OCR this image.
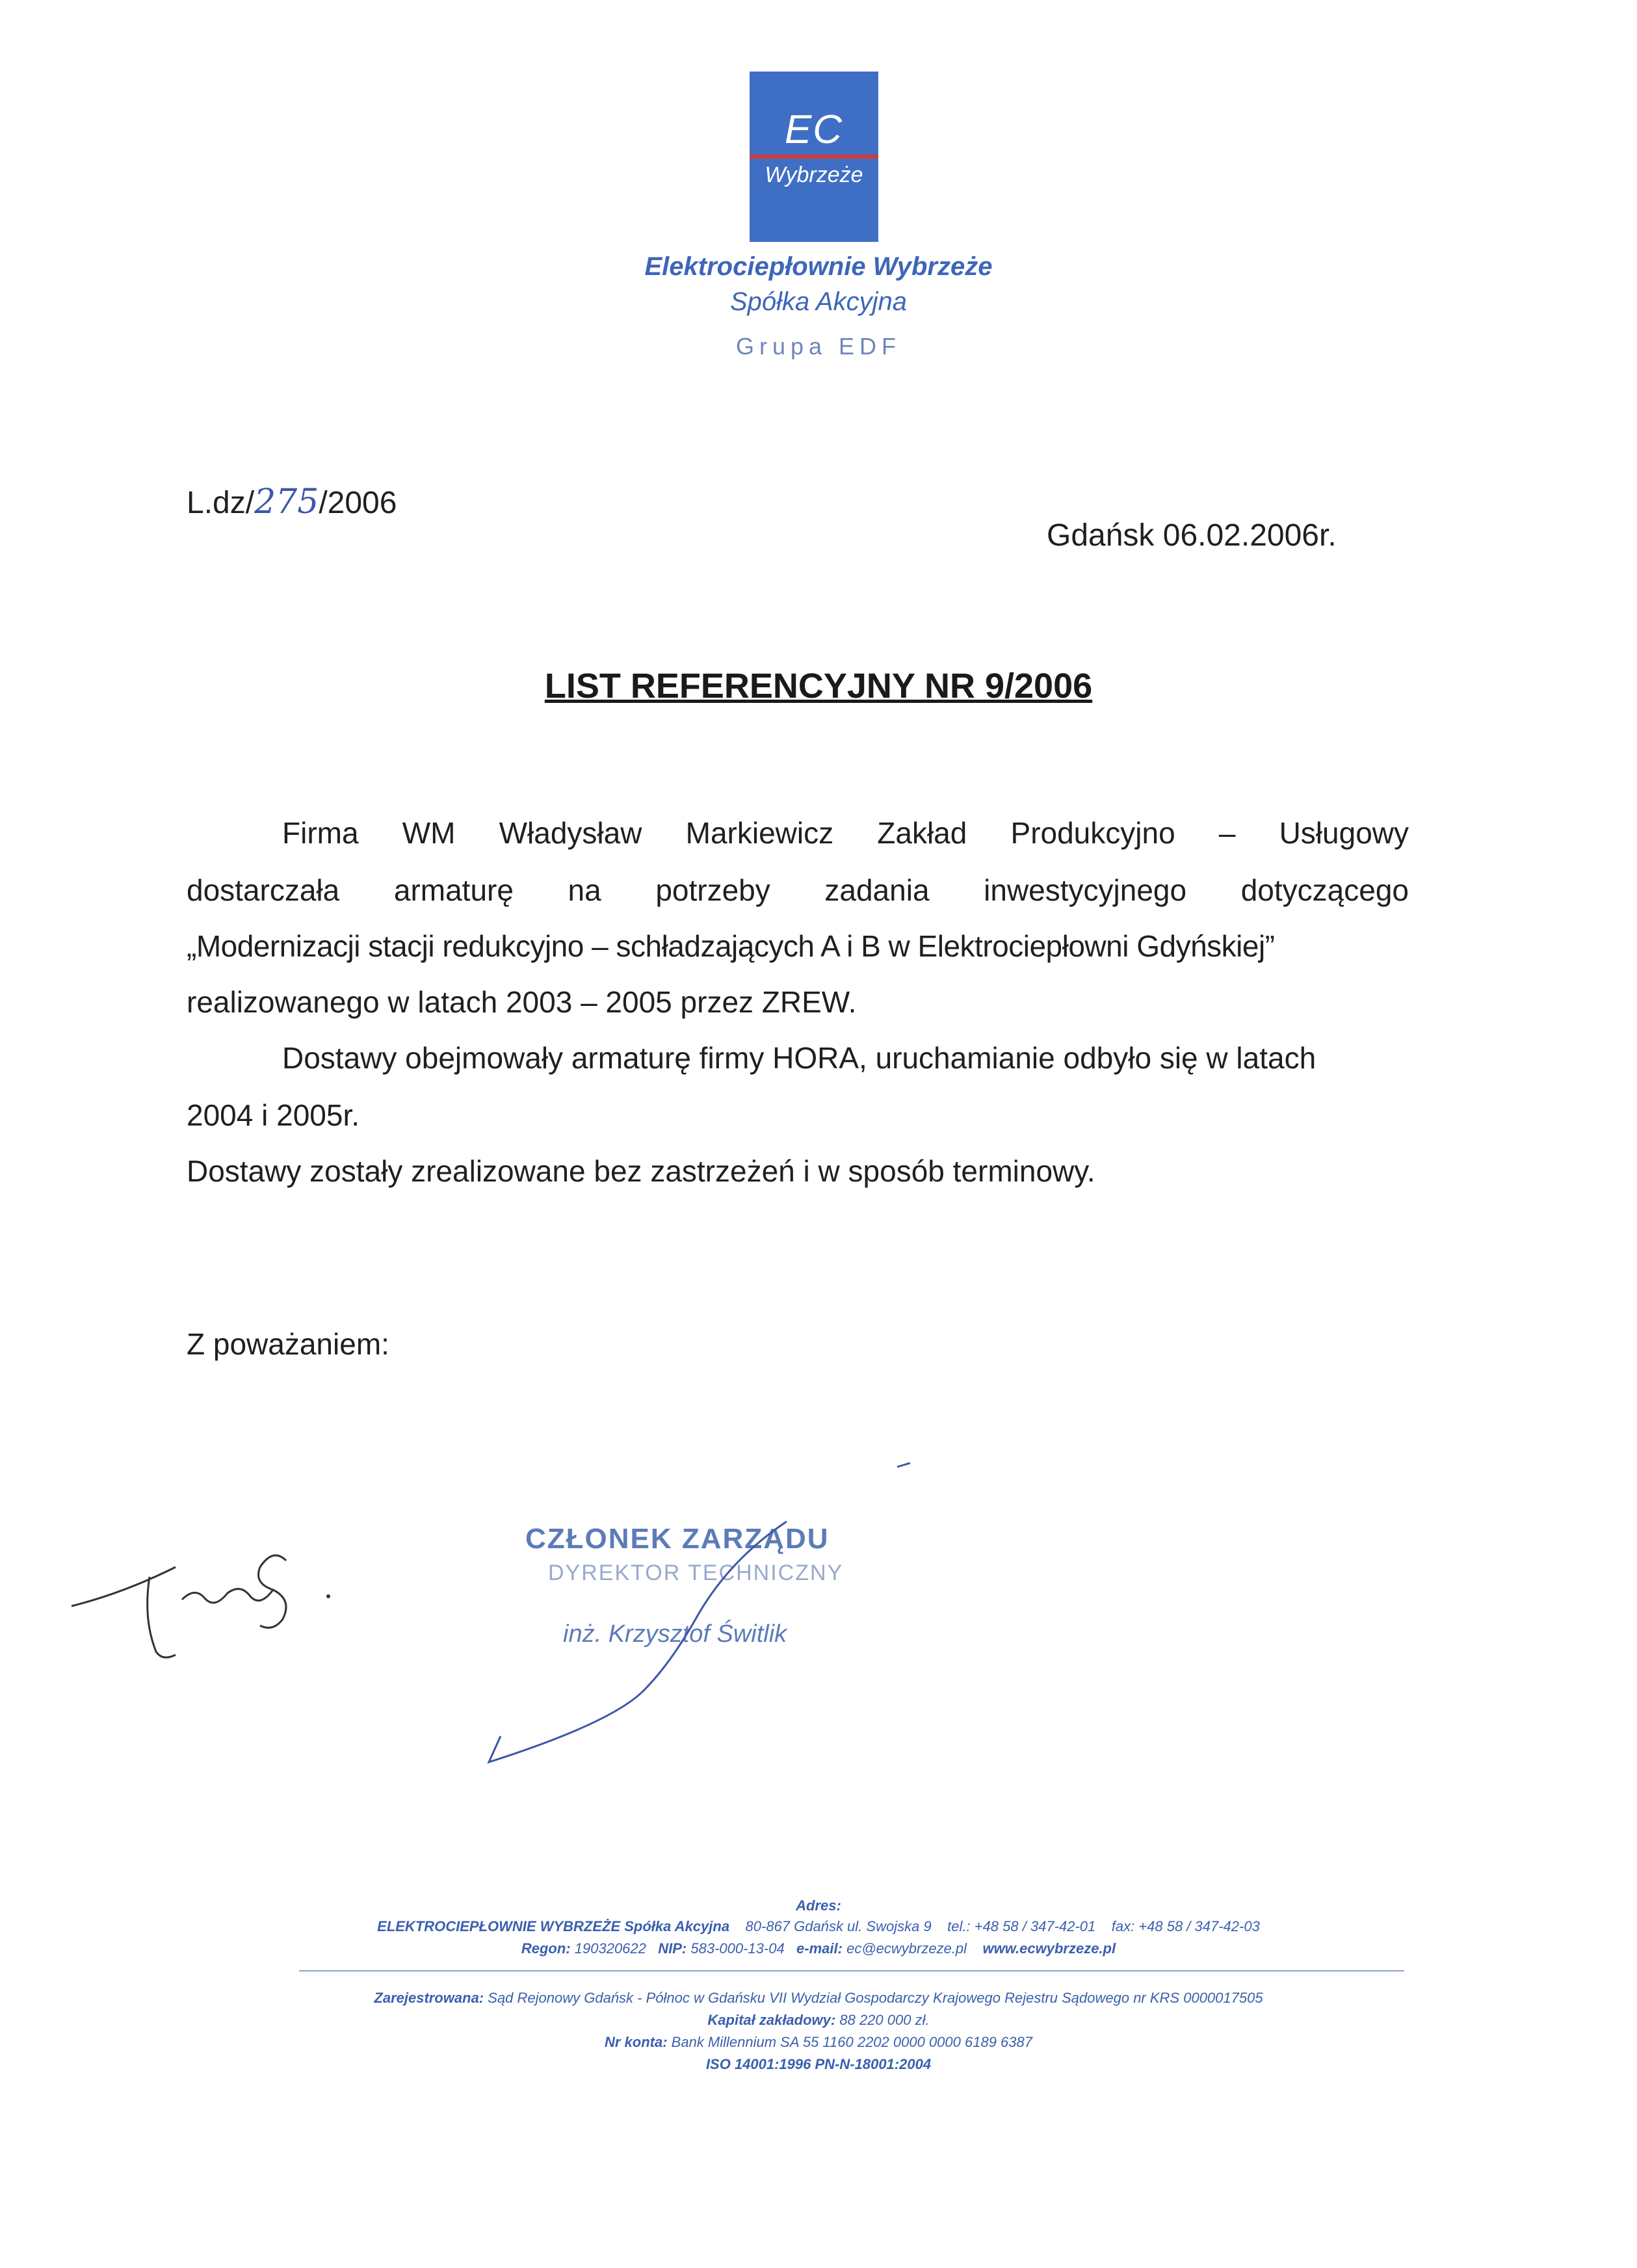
EC
Wybrzeże
Elektrociepłownie Wybrzeże
Spółka Akcyjna
Grupa EDF
L.dz/275/2006
Gdańsk 06.02.2006r.
LIST REFERENCYJNY NR 9/2006
Firma WM Władysław Markiewicz Zakład Produkcyjno – Usługowy
dostarczała armaturę na potrzeby zadania inwestycyjnego dotyczącego
„Modernizacji stacji redukcyjno – schładzających A i B w Elektrociepłowni Gdyńskiej”
realizowanego w latach 2003 – 2005 przez ZREW.
Dostawy obejmowały armaturę firmy HORA, uruchamianie odbyło się w latach
2004 i 2005r.
Dostawy zostały zrealizowane bez zastrzeżeń i w sposób terminowy.
Z poważaniem:
CZŁONEK ZARZĄDU
DYREKTOR TECHNICZNY
inż. Krzysztof Świtlik
Adres:
ELEKTROCIEPŁOWNIE WYBRZEŻE Spółka Akcyjna 80-867 Gdańsk ul. Swojska 9 tel.: +48 58 / 347-42-01 fax: +48 58 / 347-42-03
Regon: 190320622 NIP: 583-000-13-04 e-mail: ec@ecwybrzeze.pl www.ecwybrzeze.pl
Zarejestrowana: Sąd Rejonowy Gdańsk - Północ w Gdańsku VII Wydział Gospodarczy Krajowego Rejestru Sądowego nr KRS 0000017505
Kapitał zakładowy: 88 220 000 zł.
Nr konta: Bank Millennium SA 55 1160 2202 0000 0000 6189 6387
ISO 14001:1996 PN-N-18001:2004
